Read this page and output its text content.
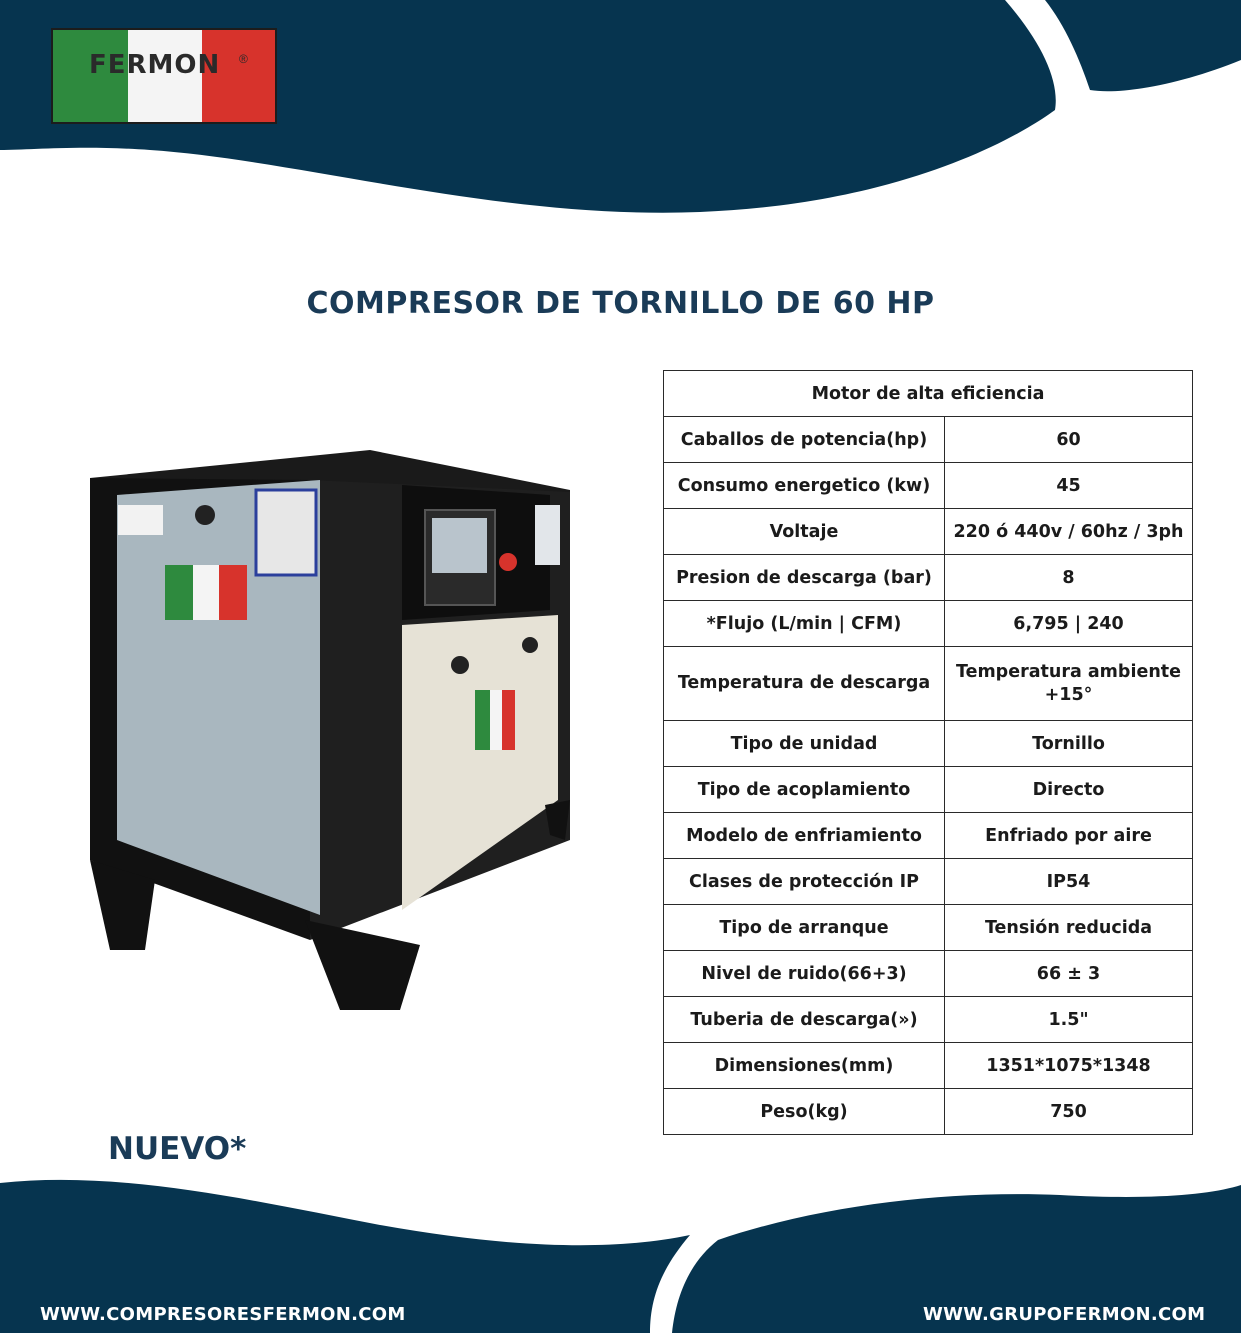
FERMON ®
COMPRESOR DE TORNILLO DE 60 HP
NUEVO*
Motor de alta eficiencia	
Caballos de potencia(hp)	60
Consumo energetico (kw)	45
Voltaje	220 ó 440v / 60hz / 3ph
Presion de descarga (bar)	8
*Flujo (L/min | CFM)	6,795 | 240
Temperatura de descarga	Temperatura ambiente +15°
Tipo de unidad	Tornillo
Tipo de acoplamiento	Directo
Modelo de enfriamiento	Enfriado por aire
Clases de protección IP	IP54
Tipo de arranque	Tensión reducida
Nivel de ruido(66+3)	66 ± 3
Tuberia de descarga(»)	1.5"
Dimensiones(mm)	1351*1075*1348
Peso(kg)	750
WWW.COMPRESORESFERMON.COM	WWW.GRUPOFERMON.COM
